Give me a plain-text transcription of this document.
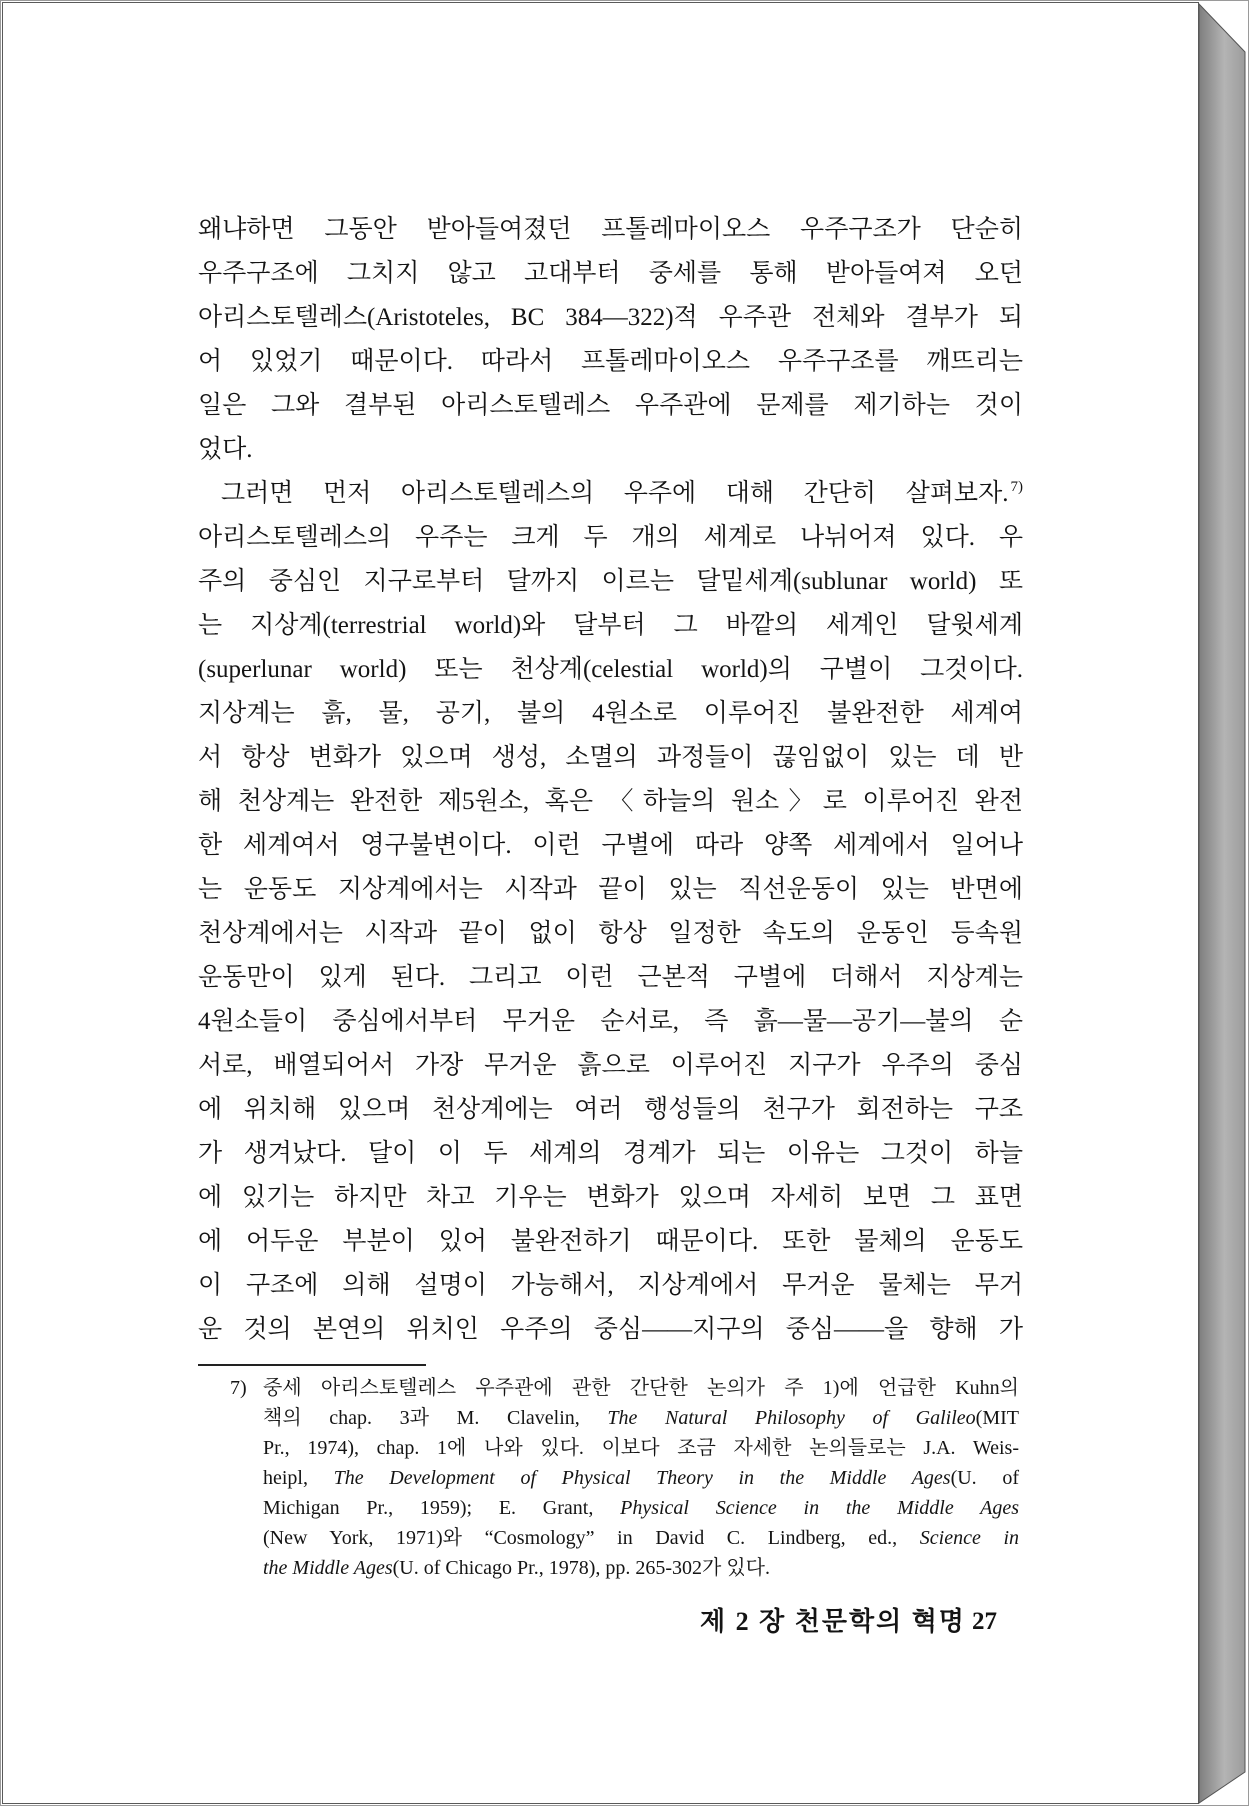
왜냐하면 그동안 받아들여졌던 프톨레마이오스 우주구조가 단순히
우주구조에 그치지 않고 고대부터 중세를 통해 받아들여져 오던
아리스토텔레스(Aristoteles, BC 384—322)적 우주관 전체와 결부가 되
어 있었기 때문이다. 따라서 프톨레마이오스 우주구조를 깨뜨리는
일은 그와 결부된 아리스토텔레스 우주관에 문제를 제기하는 것이
었다.
그러면 먼저 아리스토텔레스의 우주에 대해 간단히 살펴보자. $^{7)}$
아리스토텔레스의 우주는 크게 두 개의 세계로 나뉘어져 있다. 우
주의 중심인 지구로부터 달까지 이르는 달밑세계(sublunar world) 또
는 지상계(terrestrial world)와 달부터 그 바깥의 세계인 달윗세계
(superlunar world) 또는 천상계(celestial world)의 구별이 그것이다.
지상계는 흙, 물, 공기, 불의 4원소로 이루어진 불완전한 세계여
서 항상 변화가 있으며 생성, 소멸의 과정들이 끊임없이 있는 데 반
해 천상계는 완전한 제5원소, 혹은 〈하늘의 원소〉로 이루어진 완전
한 세계여서 영구불변이다. 이런 구별에 따라 양쪽 세계에서 일어나
는 운동도 지상계에서는 시작과 끝이 있는 직선운동이 있는 반면에
천상계에서는 시작과 끝이 없이 항상 일정한 속도의 운동인 등속원
운동만이 있게 된다. 그리고 이런 근본적 구별에 더해서 지상계는
4원소들이 중심에서부터 무거운 순서로, 즉 흙—물—공기—불의 순
서로, 배열되어서 가장 무거운 흙으로 이루어진 지구가 우주의 중심
에 위치해 있으며 천상계에는 여러 행성들의 천구가 회전하는 구조
가 생겨났다. 달이 이 두 세계의 경계가 되는 이유는 그것이 하늘
에 있기는 하지만 차고 기우는 변화가 있으며 자세히 보면 그 표면
에 어두운 부분이 있어 불완전하기 때문이다. 또한 물체의 운동도
이 구조에 의해 설명이 가능해서, 지상계에서 무거운 물체는 무거
운 것의 본연의 위치인 우주의 중심——지구의 중심——을 향해 가
7) 중세 아리스토텔레스 우주관에 관한 간단한 논의가 주 1)에 언급한 Kuhn의
책의 chap. 3과 M. Clavelin, The Natural Philosophy of Galileo(MIT
Pr., 1974), chap. 1에 나와 있다. 이보다 조금 자세한 논의들로는 J.A. Weis-
heipl, The Development of Physical Theory in the Middle Ages(U. of
Michigan Pr., 1959); E. Grant, Physical Science in the Middle Ages
(New York, 1971)와 “Cosmology” in David C. Lindberg, ed., Science in
the Middle Ages(U. of Chicago Pr., 1978), pp. 265-302가 있다.
제 2 장 천문학의 혁명 27
